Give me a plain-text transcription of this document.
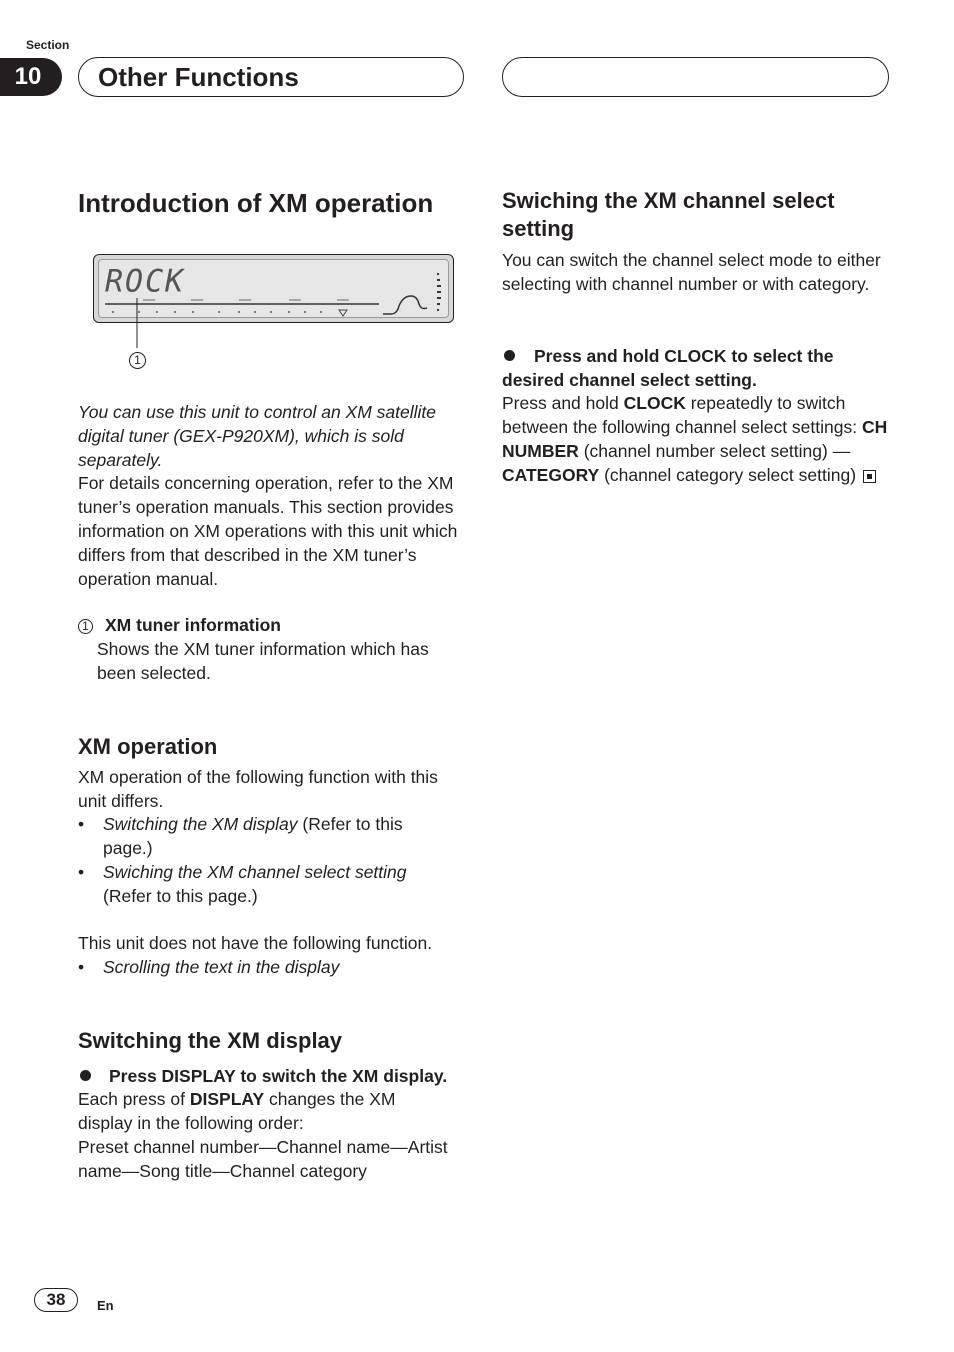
Section
10	Other Functions
Introduction of XM operation
ROCK
1
You can use this unit to control an XM satellite digital tuner (GEX-P920XM), which is sold separately.
For details concerning operation, refer to the XM tuner’s operation manuals. This section provides information on XM operations with this unit which differs from that described in the XM tuner’s operation manual.
1 XM tuner information
Shows the XM tuner information which has been selected.
XM operation
XM operation of the following function with this unit differs.
• Switching the XM display (Refer to this page.)
• Swiching the XM channel select setting
(Refer to this page.)
This unit does not have the following function.
• Scrolling the text in the display
Switching the XM display
Press DISPLAY to switch the XM display.
Each press of DISPLAY changes the XM display in the following order:
Preset channel number—Channel name—Artist name—Song title—Channel category
Swiching the XM channel select setting
You can switch the channel select mode to either selecting with channel number or with category.
Press and hold CLOCK to select the desired channel select setting.
Press and hold CLOCK repeatedly to switch between the following channel select settings: CH NUMBER (channel number select setting) —CATEGORY (channel category select setting)
38	En
